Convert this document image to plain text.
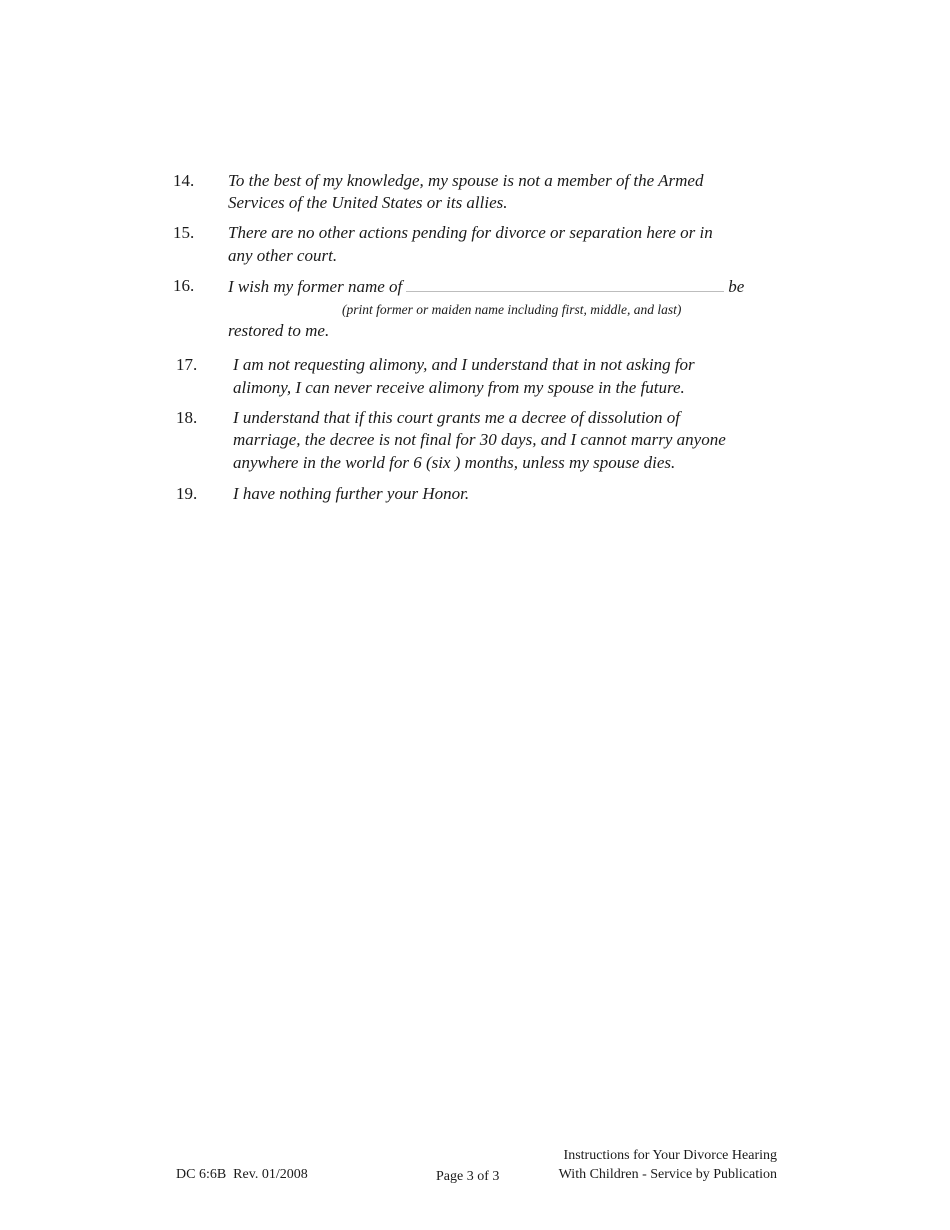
14. To the best of my knowledge, my spouse is not a member of the Armed
Services of the United States or its allies.
15. There are no other actions pending for divorce or separation here or in
any other court.
16. I wish my former name of	be
(print former or maiden name including first, middle, and last)
restored to me.
17. I am not requesting alimony, and I understand that in not asking for
alimony, I can never receive alimony from my spouse in the future.
18. I understand that if this court grants me a decree of dissolution of
marriage, the decree is not final for 30 days, and I cannot marry anyone
anywhere in the world for 6 (six ) months, unless my spouse dies.
19. I have nothing further your Honor.
DC 6:6B  Rev. 01/2008	Page 3 of 3
Instructions for Your Divorce Hearing
With Children - Service by Publication
